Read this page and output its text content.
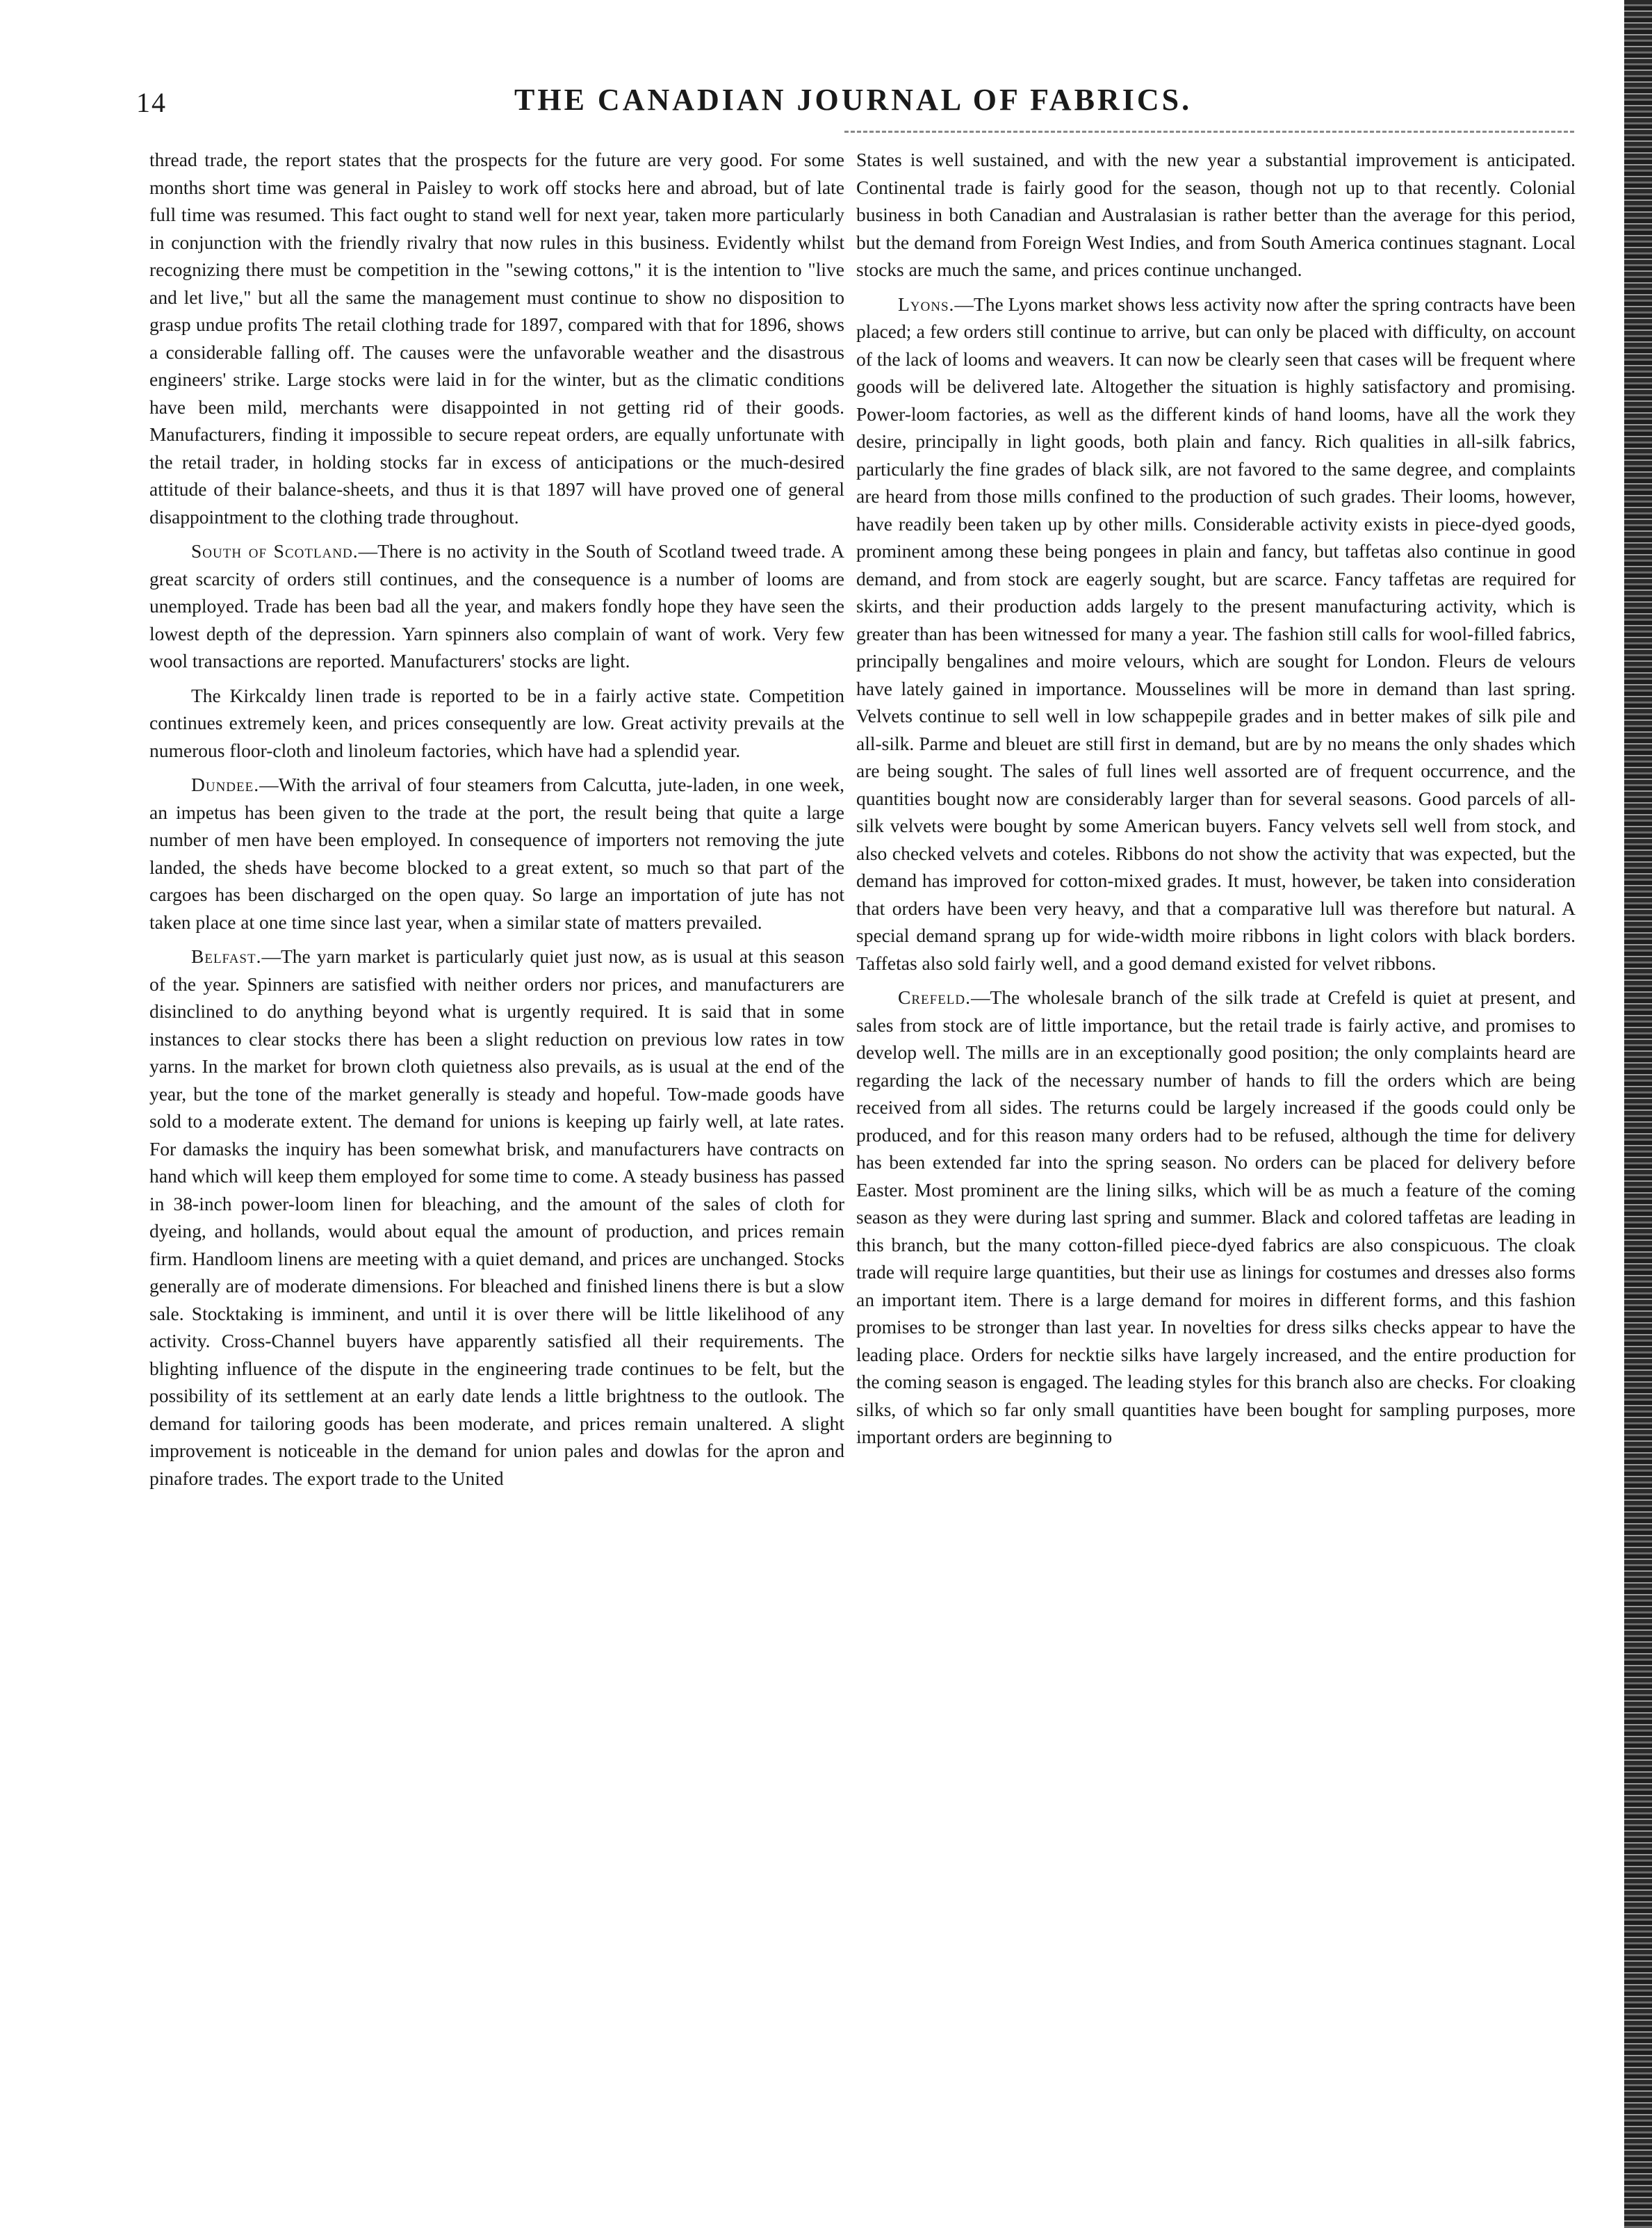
14	THE CANADIAN JOURNAL OF FABRICS.

thread trade, the report states that the prospects for the future are very good. For some months short time was general in Paisley to work off stocks here and abroad, but of late full time was resumed. This fact ought to stand well for next year, taken more particularly in conjunction with the friendly rivalry that now rules in this business. Evidently whilst recognizing there must be competition in the "sewing cottons," it is the intention to "live and let live," but all the same the management must continue to show no disposition to grasp undue profits The retail clothing trade for 1897, compared with that for 1896, shows a considerable falling off. The causes were the unfavorable weather and the disastrous engineers' strike. Large stocks were laid in for the winter, but as the climatic conditions have been mild, merchants were disappointed in not getting rid of their goods. Manufacturers, finding it impossible to secure repeat orders, are equally unfortunate with the retail trader, in holding stocks far in excess of anticipations or the much-desired attitude of their balance-sheets, and thus it is that 1897 will have proved one of general disappointment to the clothing trade throughout.

South of Scotland.—There is no activity in the South of Scotland tweed trade. A great scarcity of orders still continues, and the consequence is a number of looms are unemployed. Trade has been bad all the year, and makers fondly hope they have seen the lowest depth of the depression. Yarn spinners also complain of want of work. Very few wool transactions are reported. Manufacturers' stocks are light.

The Kirkcaldy linen trade is reported to be in a fairly active state. Competition continues extremely keen, and prices consequently are low. Great activity prevails at the numerous floor-cloth and linoleum factories, which have had a splendid year.

Dundee.—With the arrival of four steamers from Calcutta, jute-laden, in one week, an impetus has been given to the trade at the port, the result being that quite a large number of men have been employed. In consequence of importers not removing the jute landed, the sheds have become blocked to a great extent, so much so that part of the cargoes has been discharged on the open quay. So large an importation of jute has not taken place at one time since last year, when a similar state of matters prevailed.

Belfast.—The yarn market is particularly quiet just now, as is usual at this season of the year. Spinners are satisfied with neither orders nor prices, and manufacturers are disinclined to do anything beyond what is urgently required. It is said that in some instances to clear stocks there has been a slight reduction on previous low rates in tow yarns. In the market for brown cloth quietness also prevails, as is usual at the end of the year, but the tone of the market generally is steady and hopeful. Tow-made goods have sold to a moderate extent. The demand for unions is keeping up fairly well, at late rates. For damasks the inquiry has been somewhat brisk, and manufacturers have contracts on hand which will keep them employed for some time to come. A steady business has passed in 38-inch power-loom linen for bleaching, and the amount of the sales of cloth for dyeing, and hollands, would about equal the amount of production, and prices remain firm. Handloom linens are meeting with a quiet demand, and prices are unchanged. Stocks generally are of moderate dimensions. For bleached and finished linens there is but a slow sale. Stocktaking is imminent, and until it is over there will be little likelihood of any activity. Cross-Channel buyers have apparently satisfied all their requirements. The blighting influence of the dispute in the engineering trade continues to be felt, but the possibility of its settlement at an early date lends a little brightness to the outlook. The demand for tailoring goods has been moderate, and prices remain unaltered. A slight improvement is noticeable in the demand for union pales and dowlas for the apron and pinafore trades. The export trade to the United

States is well sustained, and with the new year a substantial improvement is anticipated. Continental trade is fairly good for the season, though not up to that recently. Colonial business in both Canadian and Australasian is rather better than the average for this period, but the demand from Foreign West Indies, and from South America continues stagnant. Local stocks are much the same, and prices continue unchanged.

Lyons.—The Lyons market shows less activity now after the spring contracts have been placed; a few orders still continue to arrive, but can only be placed with difficulty, on account of the lack of looms and weavers. It can now be clearly seen that cases will be frequent where goods will be delivered late. Altogether the situation is highly satisfactory and promising. Power-loom factories, as well as the different kinds of hand looms, have all the work they desire, principally in light goods, both plain and fancy. Rich qualities in all-silk fabrics, particularly the fine grades of black silk, are not favored to the same degree, and complaints are heard from those mills confined to the production of such grades. Their looms, however, have readily been taken up by other mills. Considerable activity exists in piece-dyed goods, prominent among these being pongees in plain and fancy, but taffetas also continue in good demand, and from stock are eagerly sought, but are scarce. Fancy taffetas are required for skirts, and their production adds largely to the present manufacturing activity, which is greater than has been witnessed for many a year. The fashion still calls for wool-filled fabrics, principally bengalines and moire velours, which are sought for London. Fleurs de velours have lately gained in importance. Mousselines will be more in demand than last spring. Velvets continue to sell well in low schappepile grades and in better makes of silk pile and all-silk. Parme and bleuet are still first in demand, but are by no means the only shades which are being sought. The sales of full lines well assorted are of frequent occurrence, and the quantities bought now are considerably larger than for several seasons. Good parcels of all-silk velvets were bought by some American buyers. Fancy velvets sell well from stock, and also checked velvets and coteles. Ribbons do not show the activity that was expected, but the demand has improved for cotton-mixed grades. It must, however, be taken into consideration that orders have been very heavy, and that a comparative lull was therefore but natural. A special demand sprang up for wide-width moire ribbons in light colors with black borders. Taffetas also sold fairly well, and a good demand existed for velvet ribbons.

Crefeld.—The wholesale branch of the silk trade at Crefeld is quiet at present, and sales from stock are of little importance, but the retail trade is fairly active, and promises to develop well. The mills are in an exceptionally good position; the only complaints heard are regarding the lack of the necessary number of hands to fill the orders which are being received from all sides. The returns could be largely increased if the goods could only be produced, and for this reason many orders had to be refused, although the time for delivery has been extended far into the spring season. No orders can be placed for delivery before Easter. Most prominent are the lining silks, which will be as much a feature of the coming season as they were during last spring and summer. Black and colored taffetas are leading in this branch, but the many cotton-filled piece-dyed fabrics are also conspicuous. The cloak trade will require large quantities, but their use as linings for costumes and dresses also forms an important item. There is a large demand for moires in different forms, and this fashion promises to be stronger than last year. In novelties for dress silks checks appear to have the leading place. Orders for necktie silks have largely increased, and the entire production for the coming season is engaged. The leading styles for this branch also are checks. For cloaking silks, of which so far only small quantities have been bought for sampling purposes, more important orders are beginning to
